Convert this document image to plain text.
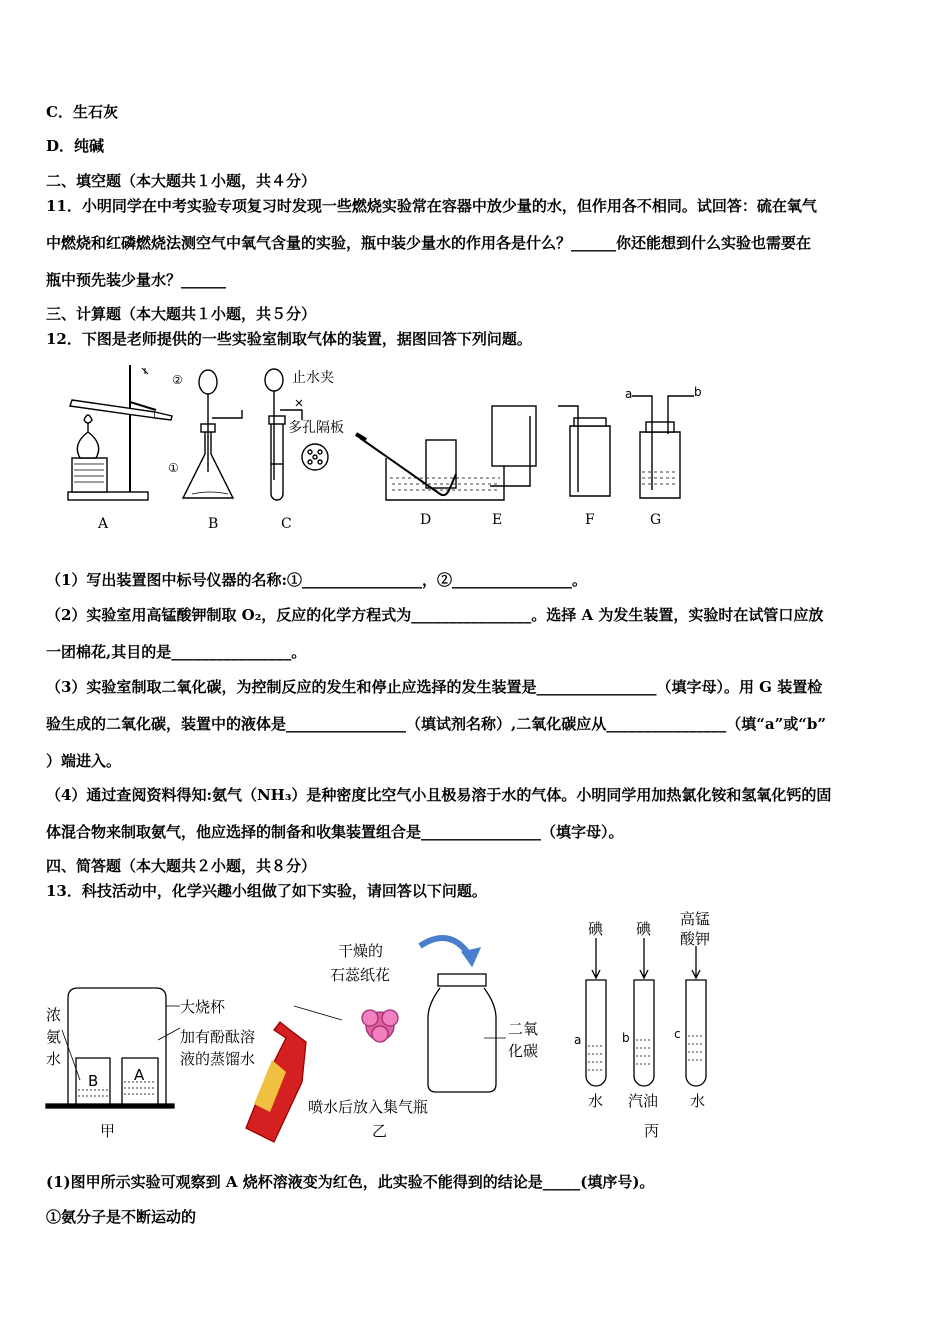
C．生石灰
D．纯碱
二、填空题（本大题共１小题，共４分）
11．小明同学在中考实验专项复习时发现一些燃烧实验常在容器中放少量的水，但作用各不相同。试回答：硫在氧气
中燃烧和红磷燃烧法测空气中氧气含量的实验，瓶中装少量水的作用各是什么？______你还能想到什么实验也需要在
瓶中预先装少量水？______
三、计算题（本大题共１小题，共５分）
12．下图是老师提供的一些实验室制取气体的装置，据图回答下列问题。
②
①
止水夹
多孔隔板
a	b
A	B	C	D	E	F	G
（1）写出装置图中标号仪器的名称:①________________，②________________。
（2）实验室用高锰酸钾制取 O₂，反应的化学方程式为________________。选择 A 为发生装置，实验时在试管口应放
一团棉花,其目的是________________。
（3）实验室制取二氧化碳，为控制反应的发生和停止应选择的发生装置是________________（填字母）。用 G 装置检
验生成的二氧化碳，装置中的液体是________________（填试剂名称）,二氧化碳应从________________（填“a”或“b”
）端进入。
（4）通过查阅资料得知:氨气（NH₃）是种密度比空气小且极易溶于水的气体。小明同学用加热氯化铵和氢氧化钙的固
体混合物来制取氨气，他应选择的制备和收集装置组合是________________（填字母）。
四、简答题（本大题共２小题，共８分）
13．科技活动中，化学兴趣小组做了如下实验，请回答以下问题。
B A
浓
氨
水
大烧杯
加有酚酞溶
液的蒸馏水
甲
干燥的
石蕊纸花
二氧
化碳
喷水后放入集气瓶
乙
碘 碘
高锰
酸钾
a	b	c
水 汽油 水
丙
(1)图甲所示实验可观察到 A 烧杯溶液变为红色，此实验不能得到的结论是_____(填序号)。
①氨分子是不断运动的
